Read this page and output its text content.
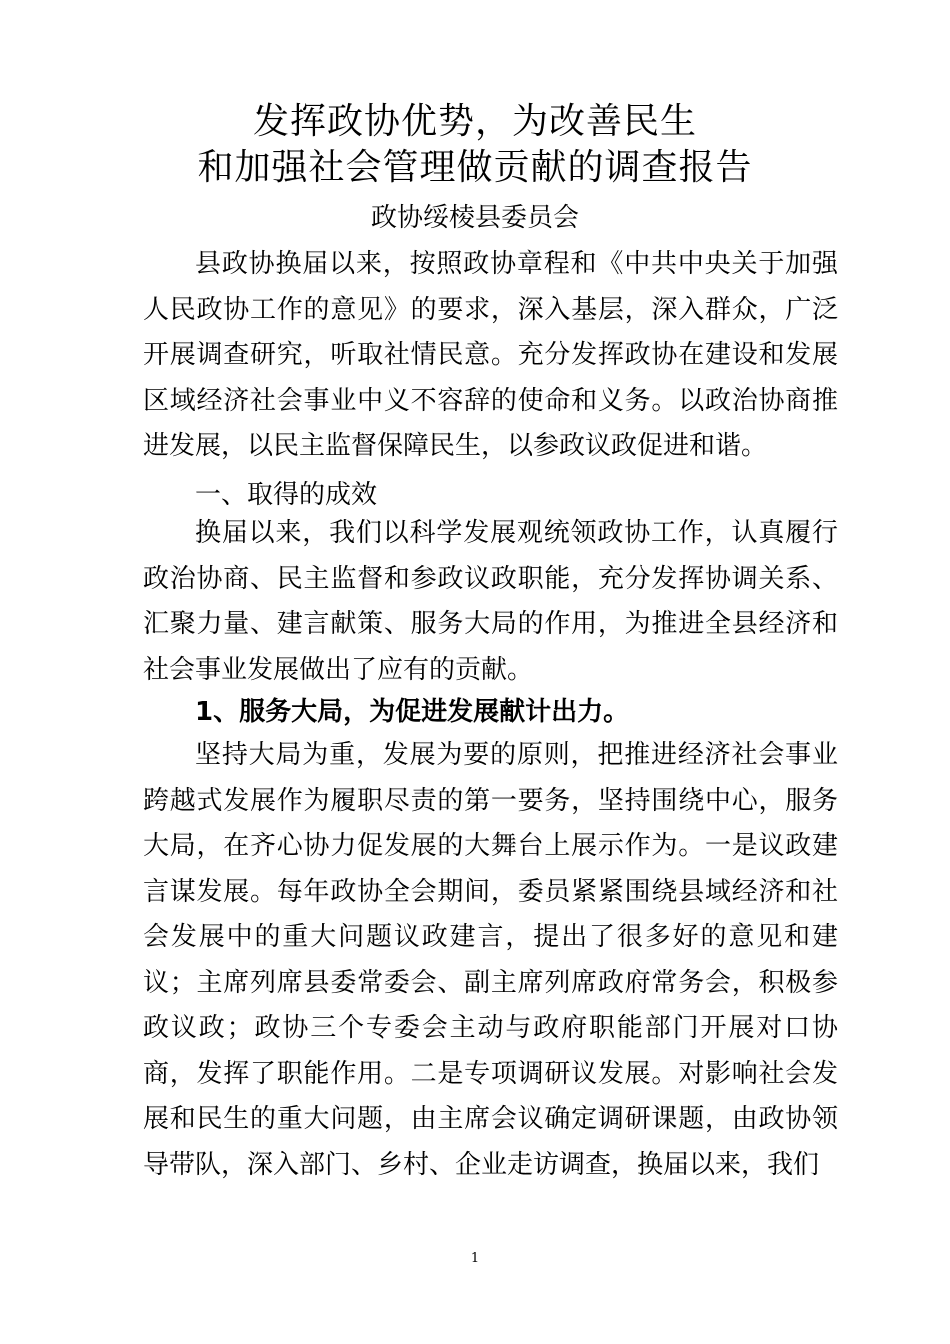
发挥政协优势，为改善民生
和加强社会管理做贡献的调查报告
政协绥棱县委员会

县政协换届以来，按照政协章程和《中共中央关于加强人民政协工作的意见》的要求，深入基层，深入群众，广泛开展调查研究，听取社情民意。充分发挥政协在建设和发展区域经济社会事业中义不容辞的使命和义务。以政治协商推进发展，以民主监督保障民生，以参政议政促进和谐。

一、取得的成效

换届以来，我们以科学发展观统领政协工作，认真履行政治协商、民主监督和参政议政职能，充分发挥协调关系、汇聚力量、建言献策、服务大局的作用，为推进全县经济和社会事业发展做出了应有的贡献。

1、服务大局，为促进发展献计出力。

坚持大局为重，发展为要的原则，把推进经济社会事业跨越式发展作为履职尽责的第一要务，坚持围绕中心，服务大局，在齐心协力促发展的大舞台上展示作为。一是议政建言谋发展。每年政协全会期间，委员紧紧围绕县域经济和社会发展中的重大问题议政建言，提出了很多好的意见和建议；主席列席县委常委会、副主席列席政府常务会，积极参政议政；政协三个专委会主动与政府职能部门开展对口协商，发挥了职能作用。二是专项调研议发展。对影响社会发展和民生的重大问题，由主席会议确定调研课题，由政协领导带队，深入部门、乡村、企业走访调查，换届以来，我们

1
